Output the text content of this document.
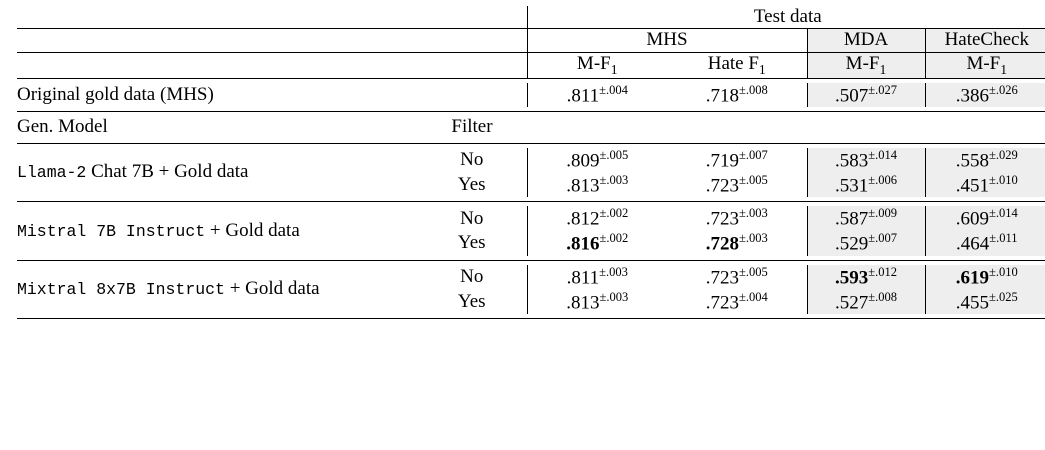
		Test data			

		MHS		MDA	HateCheck

		$M-F_1$	Hate $F_1$	$M-F_1$	$M-F_1$

Original gold data (MHS)		$.811^{\pm.004}$	$.718^{\pm.008}$	$.507^{\pm.027}$	$.386^{\pm.026}$

Gen. Model	Filter				

Llama-2 Chat 7B + Gold data	No	$.809^{\pm.005}$	$.719^{\pm.007}$	$.583^{\pm.014}$	$.558^{\pm.029}$
	Yes	$.813^{\pm.003}$	$.723^{\pm.005}$	$.531^{\pm.006}$	$.451^{\pm.010}$

Mistral 7B Instruct + Gold data	No	$.812^{\pm.002}$	$.723^{\pm.003}$	$.587^{\pm.009}$	$.609^{\pm.014}$
	Yes	$.816^{\pm.002}$	$.728^{\pm.003}$	$.529^{\pm.007}$	$.464^{\pm.011}$

Mixtral 8x7B Instruct + Gold data	No	$.811^{\pm.003}$	$.723^{\pm.005}$	$.593^{\pm.012}$	$.619^{\pm.010}$
	Yes	$.813^{\pm.003}$	$.723^{\pm.004}$	$.527^{\pm.008}$	$.455^{\pm.025}$
